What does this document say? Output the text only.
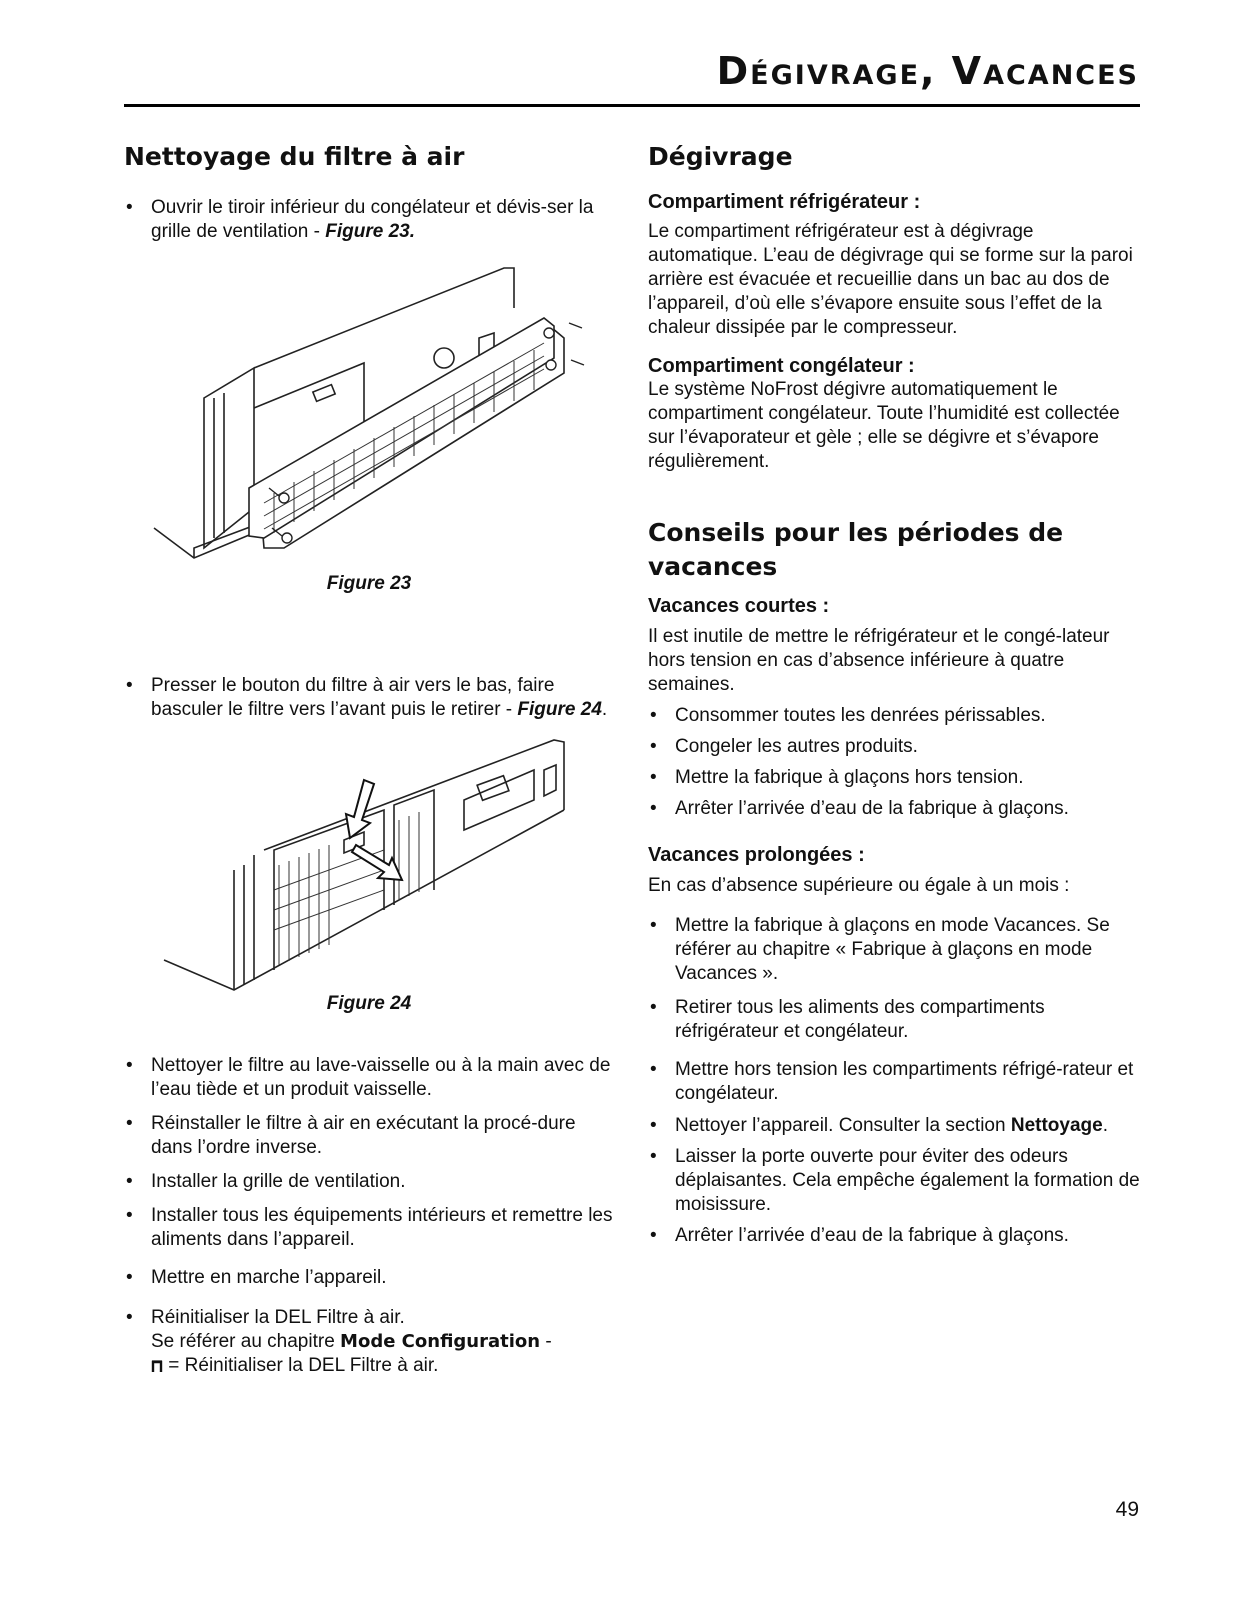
Dégivrage, Vacances
Nettoyage du filtre à air
• Ouvrir le tiroir inférieur du congélateur et dévis-ser la grille de ventilation - Figure 23.

Figure 23

• Presser le bouton du filtre à air vers le bas, faire basculer le filtre vers l’avant puis le retirer - Figure 24.

Figure 24

• Nettoyer le filtre au lave-vaisselle ou à la main avec de l’eau tiède et un produit vaisselle.
• Réinstaller le filtre à air en exécutant la procé-dure dans l’ordre inverse.
• Installer la grille de ventilation.
• Installer tous les équipements intérieurs et remettre les aliments dans l’appareil.
• Mettre en marche l’appareil.
• Réinitialiser la DEL Filtre à air.
Se référer au chapitre Mode Configuration -
= Réinitialiser la DEL Filtre à air.
Dégivrage
Compartiment réfrigérateur :

Le compartiment réfrigérateur est à dégivrage automatique. L’eau de dégivrage qui se forme sur la paroi arrière est évacuée et recueillie dans un bac au dos de l’appareil, d’où elle s’évapore ensuite sous l’effet de la chaleur dissipée par le compresseur.

Compartiment congélateur :

Le système NoFrost dégivre automatiquement le compartiment congélateur. Toute l’humidité est collectée sur l’évaporateur et gèle ; elle se dégivre et s’évapore régulièrement.

Conseils pour les périodes de vacances
Vacances courtes :

Il est inutile de mettre le réfrigérateur et le congé-lateur hors tension en cas d’absence inférieure à quatre semaines.

• Consommer toutes les denrées périssables.
• Congeler les autres produits.
• Mettre la fabrique à glaçons hors tension.
• Arrêter l’arrivée d’eau de la fabrique à glaçons.
Vacances prolongées :

En cas d’absence supérieure ou égale à un mois :

• Mettre la fabrique à glaçons en mode Vacances. Se référer au chapitre « Fabrique à glaçons en mode Vacances ».
• Retirer tous les aliments des compartiments réfrigérateur et congélateur.
• Mettre hors tension les compartiments réfrigé-rateur et congélateur.
• Nettoyer l’appareil. Consulter la section Nettoyage.
• Laisser la porte ouverte pour éviter des odeurs déplaisantes. Cela empêche également la formation de moisissure.
• Arrêter l’arrivée d’eau de la fabrique à glaçons.
49
